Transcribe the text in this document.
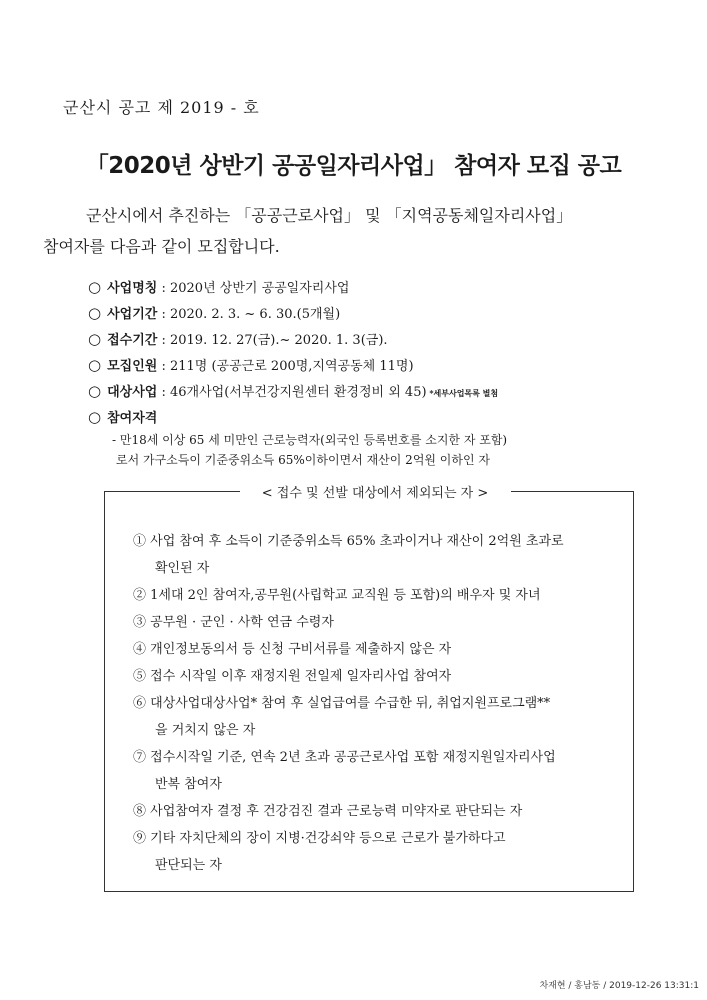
군산시 공고 제 2019 - 호
「2020년 상반기 공공일자리사업」 참여자 모집 공고
군산시에서 추진하는 「공공근로사업」 및 「지역공동체일자리사업」
참여자를 다음과 같이 모집합니다.
○ 사업명칭 : 2020년 상반기 공공일자리사업
○ 사업기간 : 2020. 2. 3. ~ 6. 30.(5개월)
○ 접수기간 : 2019. 12. 27(금).~ 2020. 1. 3(금).
○ 모집인원 : 211명 (공공근로 200명,지역공동체 11명)
○ 대상사업 : 46개사업(서부건강지원센터 환경정비 외 45) *세부사업목록 별첨
○ 참여자격
- 만18세 이상 65 세 미만인 근로능력자(외국인 등록번호를 소지한 자 포함)
로서 가구소득이 기준중위소득 65%이하이면서 재산이 2억원 이하인 자
< 접수 및 선발 대상에서 제외되는 자 >
① 사업 참여 후 소득이 기준중위소득 65% 초과이거나 재산이 2억원 초과로
확인된 자
② 1세대 2인 참여자,공무원(사립학교 교직원 등 포함)의 배우자 및 자녀
③ 공무원 · 군인 · 사학 연금 수령자
④ 개인정보동의서 등 신청 구비서류를 제출하지 않은 자
⑤ 접수 시작일 이후 재정지원 전일제 일자리사업 참여자
⑥ 대상사업대상사업* 참여 후 실업급여를 수급한 뒤, 취업지원프로그램**
을 거치지 않은 자
⑦ 접수시작일 기준, 연속 2년 초과 공공근로사업 포함 재정지원일자리사업
반복 참여자
⑧ 사업참여자 결정 후 건강검진 결과 근로능력 미약자로 판단되는 자
⑨ 기타 자치단체의 장이 지병·건강쇠약 등으로 근로가 불가하다고
판단되는 자
차재현 / 홍남동 / 2019-12-26 13:31:1
